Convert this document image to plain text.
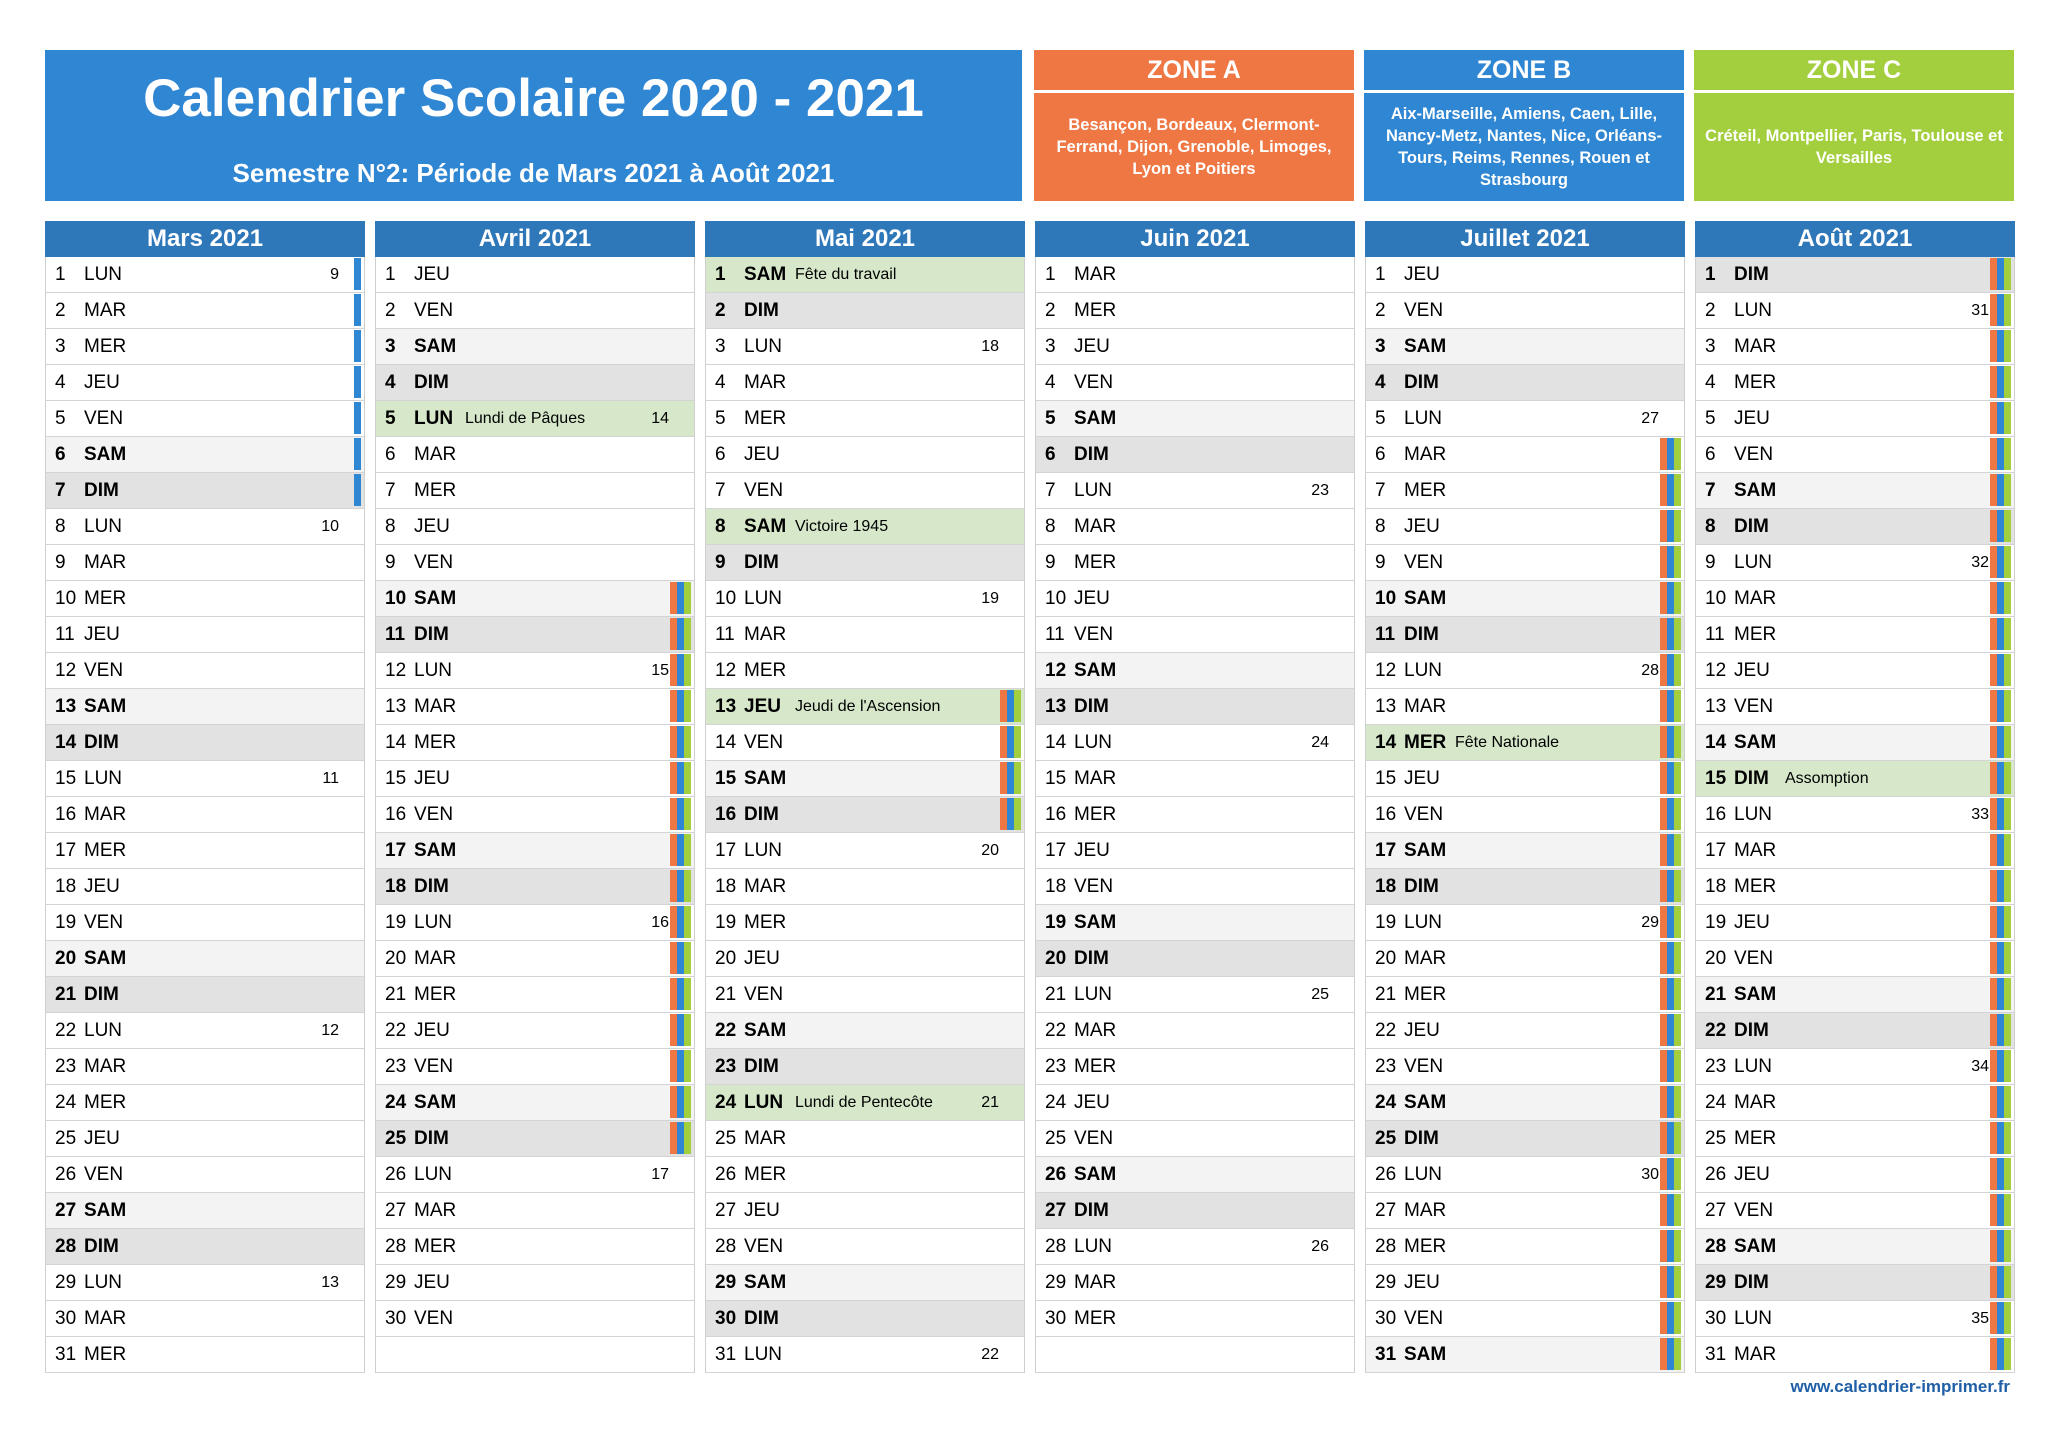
Calendrier Scolaire 2020 - 2021
Semestre N°2: Période de Mars 2021 à Août 2021
ZONE A
Besançon, Bordeaux, Clermont-Ferrand, Dijon, Grenoble, Limoges, Lyon et Poitiers
ZONE B
Aix-Marseille, Amiens, Caen, Lille, Nancy-Metz, Nantes, Nice, Orléans-Tours, Reims, Rennes, Rouen et Strasbourg
ZONE C
Créteil, Montpellier, Paris, Toulouse et Versailles
Mars 2021
1 LUN	9
2 MAR
3 MER
4 JEU
5 VEN
6 SAM
7 DIM
8 LUN	10
9 MAR
10 MER
11 JEU
12 VEN
13 SAM
14 DIM
15 LUN	11
16 MAR
17 MER
18 JEU
19 VEN
20 SAM
21 DIM
22 LUN	12
23 MAR
24 MER
25 JEU
26 VEN
27 SAM
28 DIM
29 LUN	13
30 MAR
31 MER
Avril 2021
1 JEU
2 VEN
3 SAM
4 DIM
5 LUN Lundi de Pâques	14
6 MAR
7 MER
8 JEU
9 VEN
10 SAM
11 DIM
12 LUN	15
13 MAR
14 MER
15 JEU
16 VEN
17 SAM
18 DIM
19 LUN	16
20 MAR
21 MER
22 JEU
23 VEN
24 SAM
25 DIM
26 LUN	17
27 MAR
28 MER
29 JEU
30 VEN
Mai 2021
1 SAM Fête du travail
2 DIM
3 LUN	18
4 MAR
5 MER
6 JEU
7 VEN
8 SAM Victoire 1945
9 DIM
10 LUN	19
11 MAR
12 MER
13 JEU Jeudi de l'Ascension
14 VEN
15 SAM
16 DIM
17 LUN	20
18 MAR
19 MER
20 JEU
21 VEN
22 SAM
23 DIM
24 LUN Lundi de Pentecôte	21
25 MAR
26 MER
27 JEU
28 VEN
29 SAM
30 DIM
31 LUN	22
Juin 2021
1 MAR
2 MER
3 JEU
4 VEN
5 SAM
6 DIM
7 LUN	23
8 MAR
9 MER
10 JEU
11 VEN
12 SAM
13 DIM
14 LUN	24
15 MAR
16 MER
17 JEU
18 VEN
19 SAM
20 DIM
21 LUN	25
22 MAR
23 MER
24 JEU
25 VEN
26 SAM
27 DIM
28 LUN	26
29 MAR
30 MER
Juillet 2021
1 JEU
2 VEN
3 SAM
4 DIM
5 LUN	27
6 MAR
7 MER
8 JEU
9 VEN
10 SAM
11 DIM
12 LUN	28
13 MAR
14 MER Fête Nationale
15 JEU
16 VEN
17 SAM
18 DIM
19 LUN	29
20 MAR
21 MER
22 JEU
23 VEN
24 SAM
25 DIM
26 LUN	30
27 MAR
28 MER
29 JEU
30 VEN
31 SAM
Août 2021
1 DIM
2 LUN	31
3 MAR
4 MER
5 JEU
6 VEN
7 SAM
8 DIM
9 LUN	32
10 MAR
11 MER
12 JEU
13 VEN
14 SAM
15 DIM Assomption
16 LUN	33
17 MAR
18 MER
19 JEU
20 VEN
21 SAM
22 DIM
23 LUN	34
24 MAR
25 MER
26 JEU
27 VEN
28 SAM
29 DIM
30 LUN	35
31 MAR
www.calendrier-imprimer.fr
